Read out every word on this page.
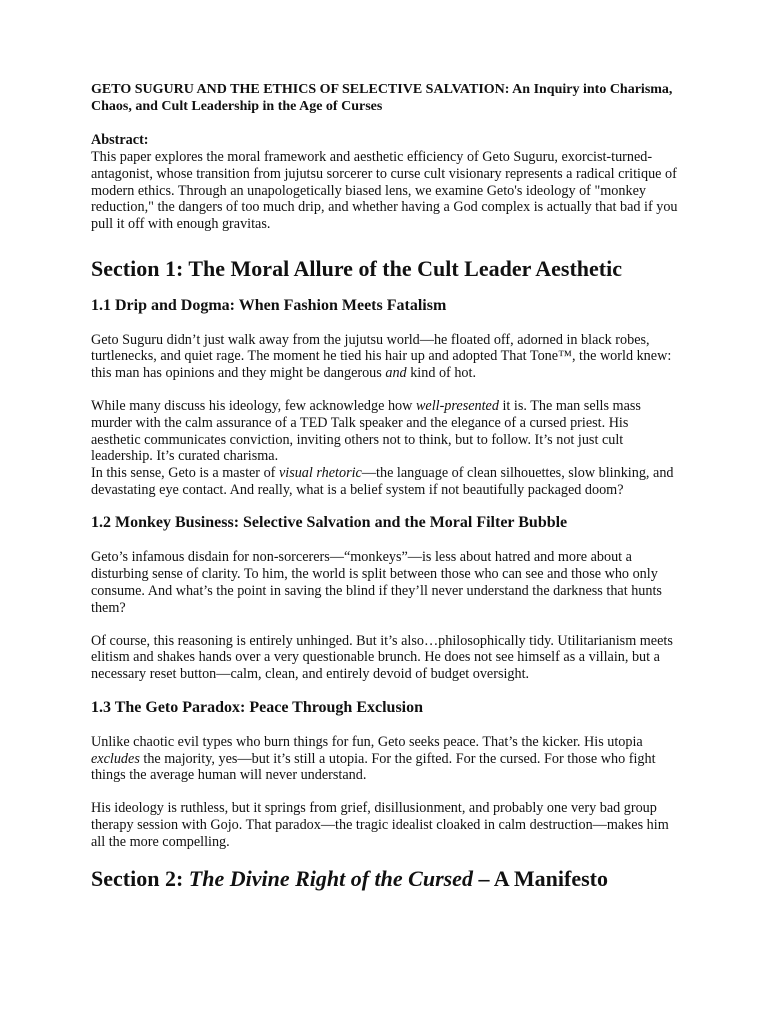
GETO SUGURU AND THE ETHICS OF SELECTIVE SALVATION: An Inquiry into Charisma, Chaos, and Cult Leadership in the Age of Curses

Abstract:

This paper explores the moral framework and aesthetic efficiency of Geto Suguru, exorcist-turned-antagonist, whose transition from jujutsu sorcerer to curse cult visionary represents a radical critique of modern ethics. Through an unapologetically biased lens, we examine Geto's ideology of "monkey reduction," the dangers of too much drip, and whether having a God complex is actually that bad if you pull it off with enough gravitas.

Section 1: The Moral Allure of the Cult Leader Aesthetic
1.1 Drip and Dogma: When Fashion Meets Fatalism

Geto Suguru didn’t just walk away from the jujutsu world—he floated off, adorned in black robes, turtlenecks, and quiet rage. The moment he tied his hair up and adopted That Tone™, the world knew: this man has opinions and they might be dangerous and kind of hot.

While many discuss his ideology, few acknowledge how well-presented it is. The man sells mass murder with the calm assurance of a TED Talk speaker and the elegance of a cursed priest. His aesthetic communicates conviction, inviting others not to think, but to follow. It’s not just cult leadership. It’s curated charisma.

In this sense, Geto is a master of visual rhetoric—the language of clean silhouettes, slow blinking, and devastating eye contact. And really, what is a belief system if not beautifully packaged doom?

1.2 Monkey Business: Selective Salvation and the Moral Filter Bubble

Geto’s infamous disdain for non-sorcerers—“monkeys”—is less about hatred and more about a disturbing sense of clarity. To him, the world is split between those who can see and those who only consume. And what’s the point in saving the blind if they’ll never understand the darkness that hunts them?

Of course, this reasoning is entirely unhinged. But it’s also…philosophically tidy. Utilitarianism meets elitism and shakes hands over a very questionable brunch. He does not see himself as a villain, but a necessary reset button—calm, clean, and entirely devoid of budget oversight.

1.3 The Geto Paradox: Peace Through Exclusion

Unlike chaotic evil types who burn things for fun, Geto seeks peace. That’s the kicker. His utopia excludes the majority, yes—but it’s still a utopia. For the gifted. For the cursed. For those who fight things the average human will never understand.

His ideology is ruthless, but it springs from grief, disillusionment, and probably one very bad group therapy session with Gojo. That paradox—the tragic idealist cloaked in calm destruction—makes him all the more compelling.

Section 2: The Divine Right of the Cursed – A Manifesto
